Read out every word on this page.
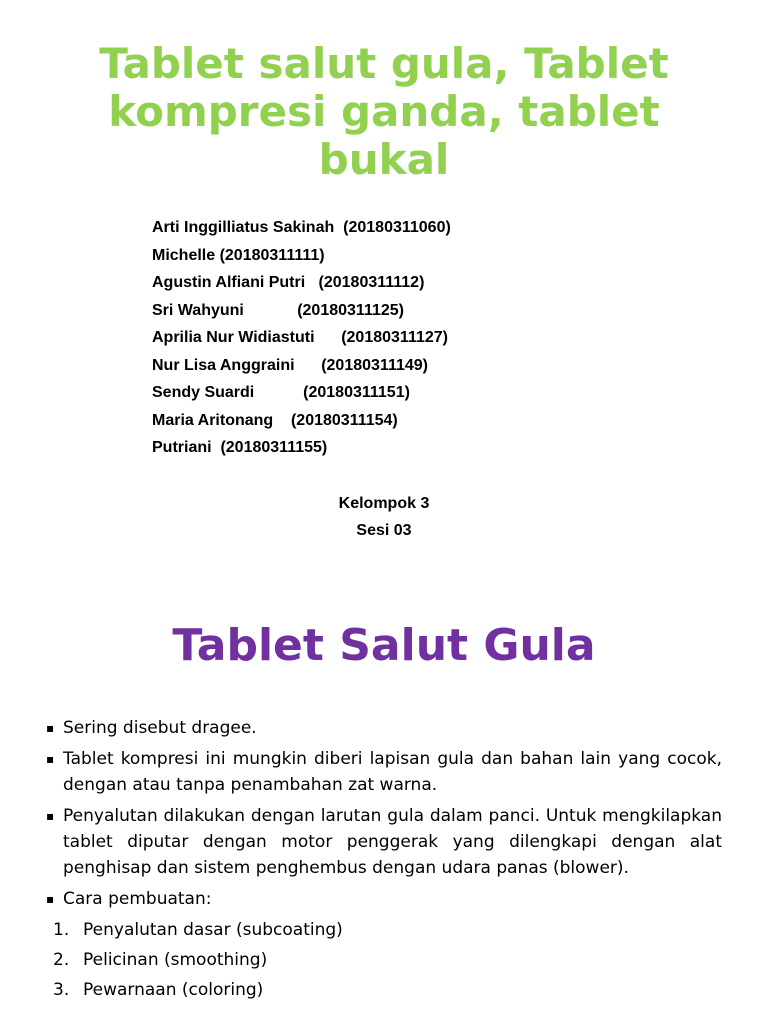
Tablet salut gula, Tablet
kompresi ganda, tablet
bukal
Arti Inggilliatus Sakinah  (20180311060)
Michelle (20180311111)
Agustin Alfiani Putri   (20180311112)
Sri Wahyuni            (20180311125)
Aprilia Nur Widiastuti      (20180311127)
Nur Lisa Anggraini      (20180311149)
Sendy Suardi           (20180311151)
Maria Aritonang    (20180311154)
Putriani  (20180311155)
Kelompok 3
Sesi 03
Tablet Salut Gula
▪ Sering disebut dragee.
▪ Tablet kompresi ini mungkin diberi lapisan gula dan bahan lain yang cocok, dengan atau tanpa penambahan zat warna.
▪ Penyalutan dilakukan dengan larutan gula dalam panci. Untuk mengkilapkan tablet diputar dengan motor penggerak yang dilengkapi dengan alat penghisap dan sistem penghembus dengan udara panas (blower).
▪ Cara pembuatan:
1. Penyalutan dasar (subcoating)
2. Pelicinan (smoothing)
3. Pewarnaan (coloring)
